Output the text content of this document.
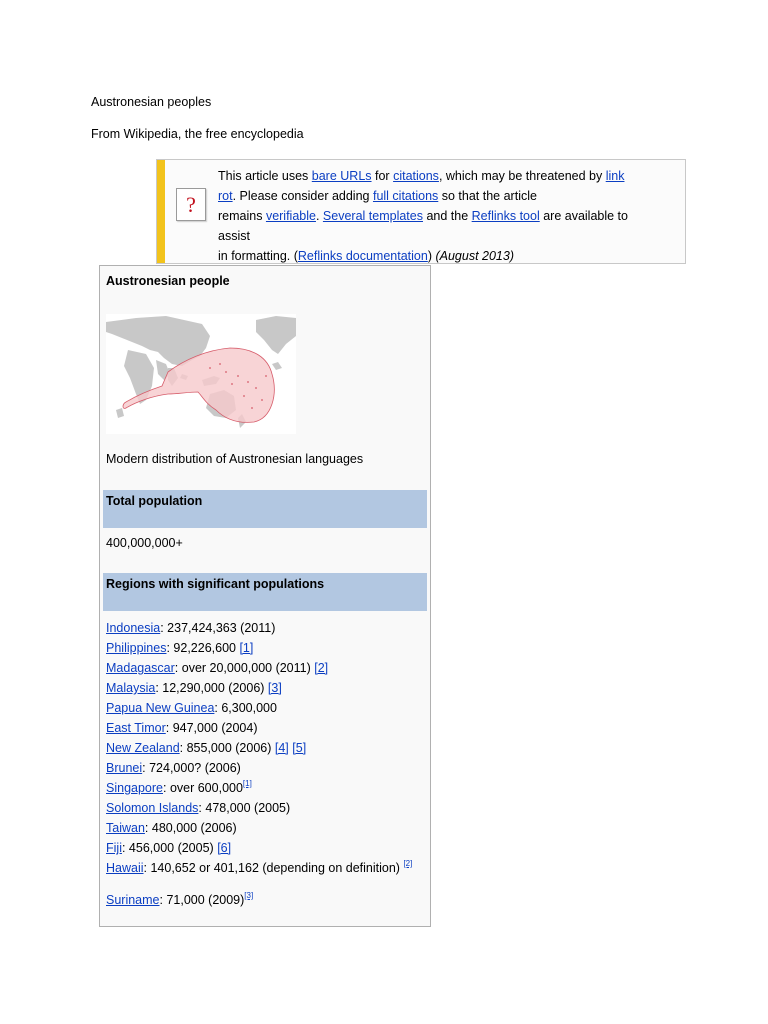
Austronesian peoples
From Wikipedia, the free encyclopedia
?
This article uses bare URLs for citations, which may be threatened by link
rot. Please consider adding full citations so that the article
remains verifiable. Several templates and the Reflinks tool are available to assist
in formatting. (Reflinks documentation) (August 2013)
Austronesian people
Modern distribution of Austronesian languages
Total population
400,000,000+
Regions with significant populations
Indonesia: 237,424,363 (2011)
Philippines: 92,226,600 [1]
Madagascar: over 20,000,000 (2011) [2]
Malaysia: 12,290,000 (2006) [3]
Papua New Guinea: 6,300,000
East Timor: 947,000 (2004)
New Zealand: 855,000 (2006) [4] [5]
Brunei: 724,000? (2006)
Singapore: over 600,000[1]
Solomon Islands: 478,000 (2005)
Taiwan: 480,000 (2006)
Fiji: 456,000 (2005) [6]
Hawaii: 140,652 or 401,162 (depending on definition) [2]
Suriname: 71,000 (2009)[3]
